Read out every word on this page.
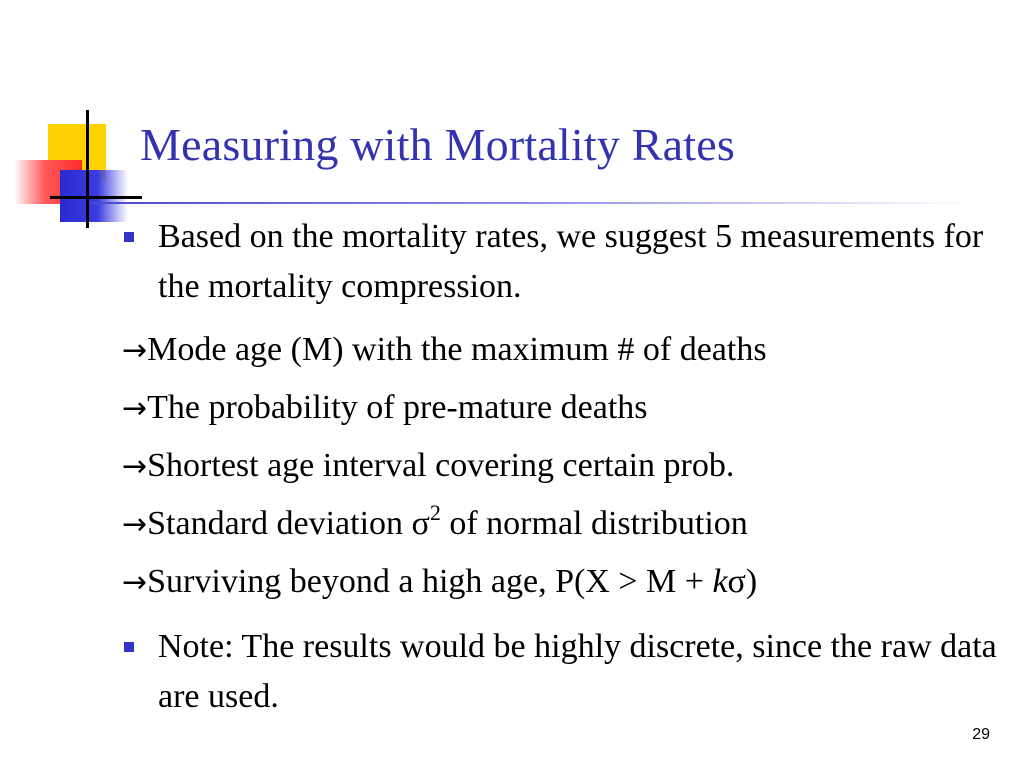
Measuring with Mortality Rates
Based on the mortality rates, we suggest 5 measurements for the mortality compression.
→Mode age (M) with the maximum # of deaths
→The probability of pre-mature deaths
→Shortest age interval covering certain prob.
→Standard deviation $\sigma^2$ of normal distribution
→Surviving beyond a high age, P(X > M + kσ)
Note: The results would be highly discrete, since the raw data are used.
29
